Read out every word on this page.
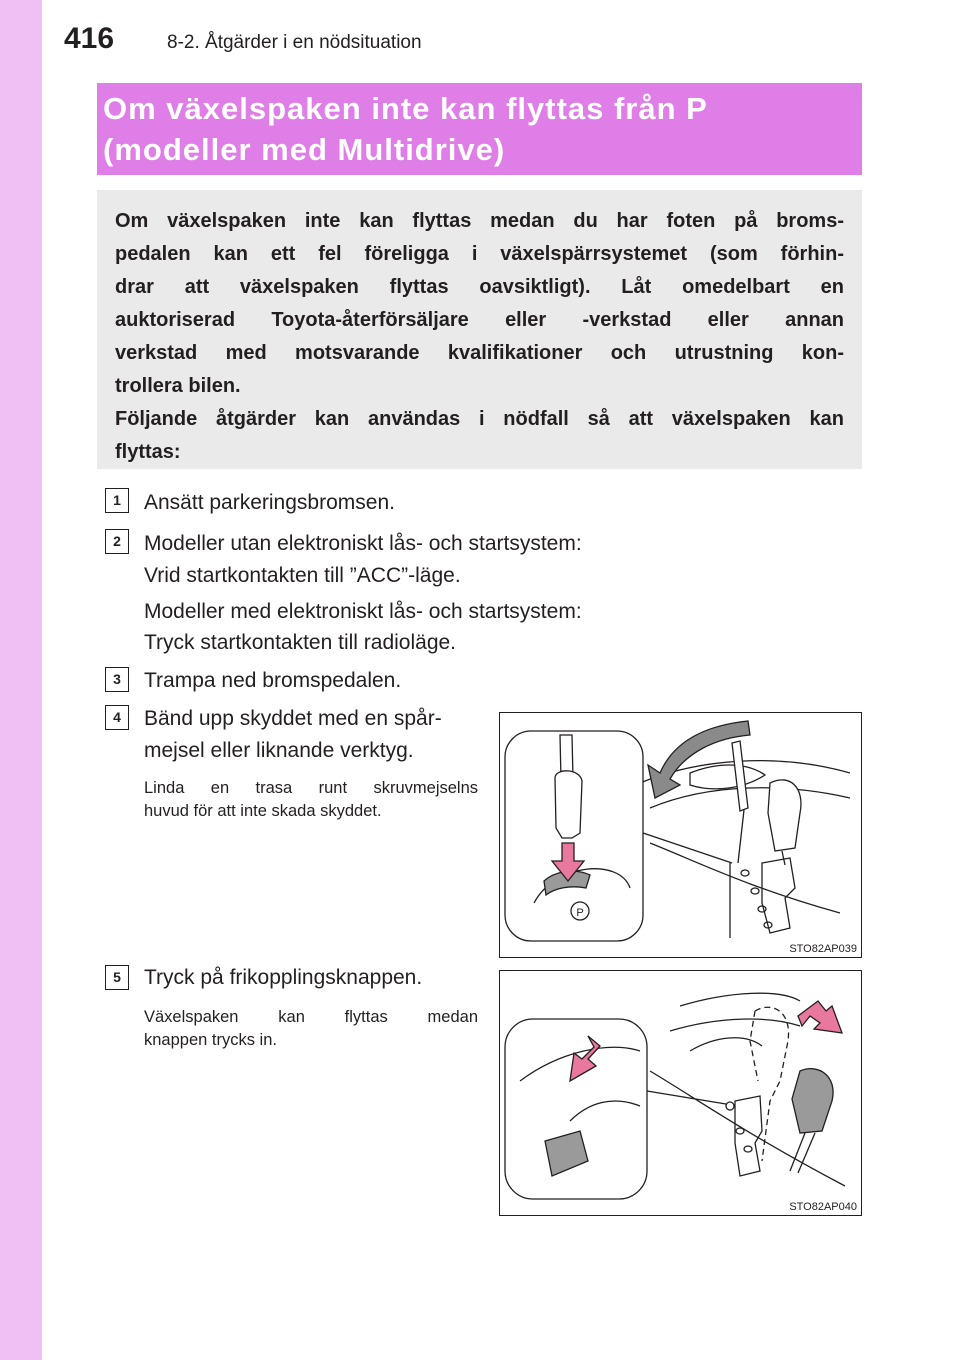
416	8-2. Åtgärder i en nödsituation
Om växelspaken inte kan flyttas från P
(modeller med Multidrive)
Om växelspaken inte kan flyttas medan du har foten på broms-
pedalen kan ett fel föreligga i växelspärrsystemet (som förhin-
drar att växelspaken flyttas oavsiktligt). Låt omedelbart en
auktoriserad Toyota-återförsäljare eller -verkstad eller annan
verkstad med motsvarande kvalifikationer och utrustning kon-
trollera bilen.
Följande åtgärder kan användas i nödfall så att växelspaken kan
flyttas:
1	Ansätt parkeringsbromsen.
2	Modeller utan elektroniskt lås- och startsystem:
Vrid startkontakten till ”ACC”-läge.
Modeller med elektroniskt lås- och startsystem:
Tryck startkontakten till radioläge.
3	Trampa ned bromspedalen.
4	Bänd upp skyddet med en spår-
mejsel eller liknande verktyg.
Linda en trasa runt skruvmejselns
huvud för att inte skada skyddet.
P
STO82AP039
5	Tryck på frikopplingsknappen.
Växelspaken kan flyttas medan
knappen trycks in.
STO82AP040
